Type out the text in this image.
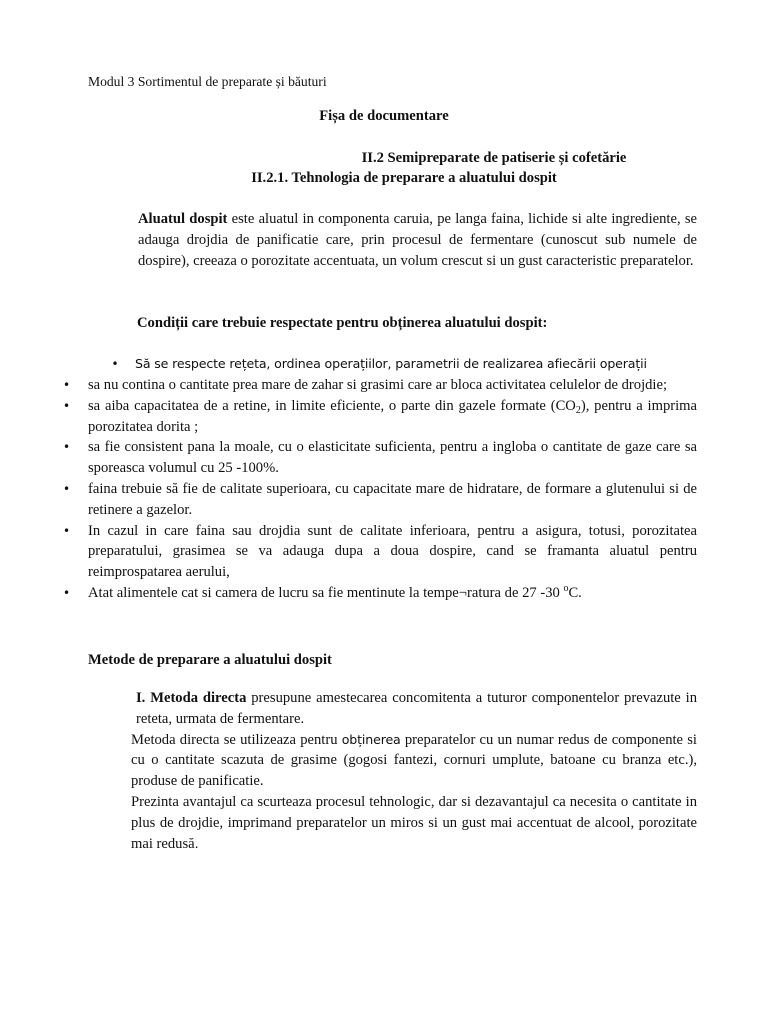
Modul 3 Sortimentul de preparate și băuturi
Fișa de documentare
II.2 Semipreparate de patiserie și cofetărie
II.2.1. Tehnologia de preparare a aluatului dospit
Aluatul dospit este aluatul in componenta caruia, pe langa faina, lichide si alte ingrediente, se adauga drojdia de panificatie care, prin procesul de fermentare (cunoscut sub numele de dospire), creeaza o porozitate accentuata, un volum crescut si un gust caracteristic preparatelor.
Condiții care trebuie respectate pentru obținerea aluatului dospit:
• Să se respecte rețeta, ordinea operațiilor, parametrii de realizarea afiecării operații
• sa nu contina o cantitate prea mare de zahar si grasimi care ar bloca activitatea celulelor de drojdie;
• sa aiba capacitatea de a retine, in limite eficiente, o parte din gazele formate $(CO_2)$, pentru a imprima porozitatea dorita ;
• sa fie consistent pana la moale, cu o elasticitate suficienta, pentru a ingloba o cantitate de gaze care sa sporeasca volumul cu 25 -100%.
• faina trebuie să fie de calitate superioara, cu capacitate mare de hidratare, de formare a glutenului si de retinere a gazelor.
• In cazul in care faina sau drojdia sunt de calitate inferioara, pentru a asigura, totusi, porozitatea preparatului, grasimea se va adauga dupa a doua dospire, cand se framanta aluatul pentru reimprospatarea aerului,
• Atat alimentele cat si camera de lucru sa fie mentinute la tempe¬ratura de 27 -30 $^o$C.
Metode de preparare a aluatului dospit

I. Metoda directa presupune amestecarea concomitenta a tuturor componentelor prevazute in reteta, urmata de fermentare.

Metoda directa se utilizeaza pentru obținerea preparatelor cu un numar redus de componente si cu o cantitate scazuta de grasime (gogosi fantezi, cornuri umplute, batoane cu branza etc.), produse de panificatie.

Prezinta avantajul ca scurteaza procesul tehnologic, dar si dezavantajul ca necesita o cantitate in plus de drojdie, imprimand preparatelor un miros si un gust mai accentuat de alcool, porozitate mai redusă.
